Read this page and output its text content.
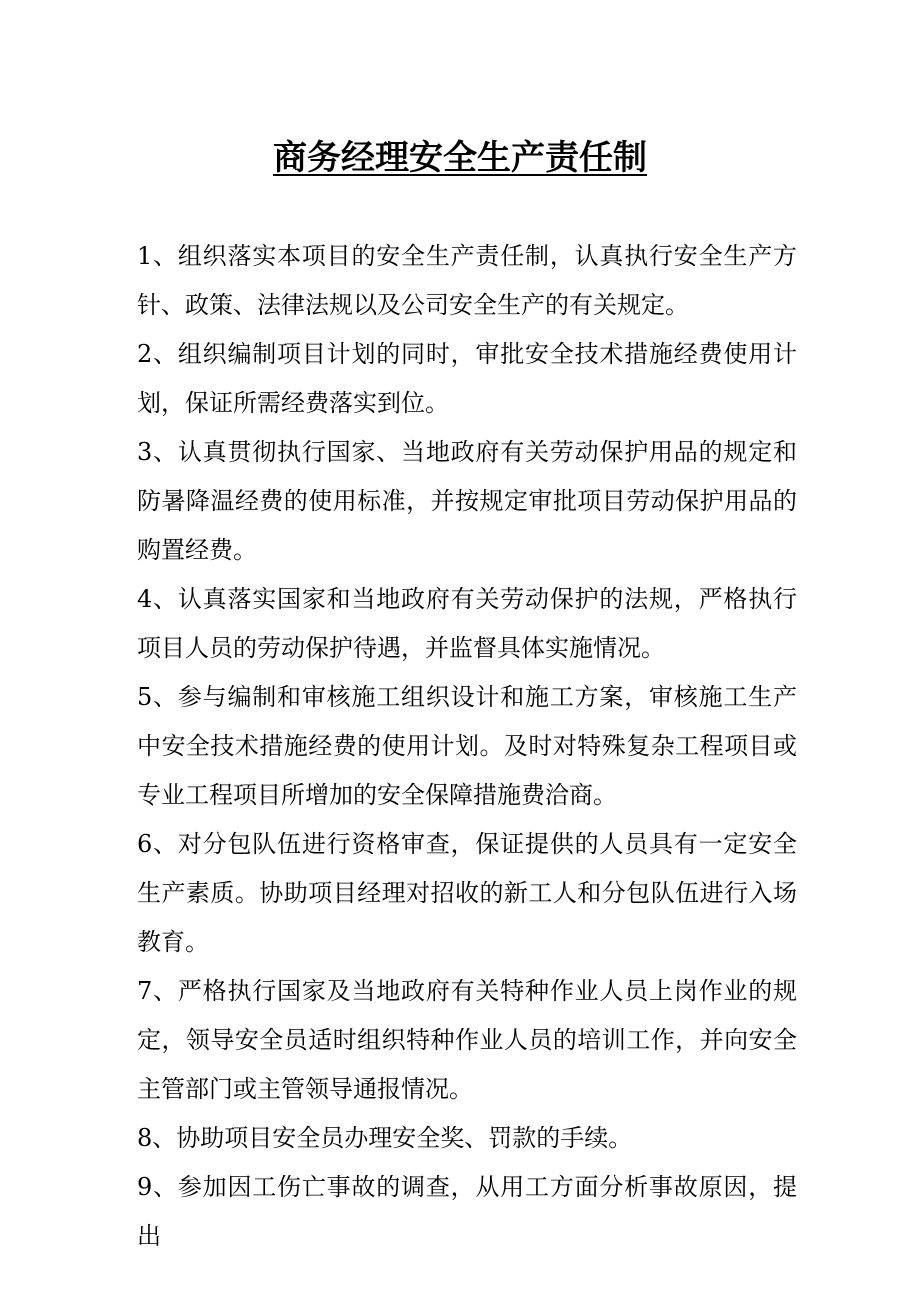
商务经理安全生产责任制

1、组织落实本项目的安全生产责任制，认真执行安全生产方针、政策、法律法规以及公司安全生产的有关规定。

2、组织编制项目计划的同时，审批安全技术措施经费使用计划，保证所需经费落实到位。

3、认真贯彻执行国家、当地政府有关劳动保护用品的规定和防暑降温经费的使用标准，并按规定审批项目劳动保护用品的购置经费。

4、认真落实国家和当地政府有关劳动保护的法规，严格执行项目人员的劳动保护待遇，并监督具体实施情况。

5、参与编制和审核施工组织设计和施工方案，审核施工生产中安全技术措施经费的使用计划。及时对特殊复杂工程项目或专业工程项目所增加的安全保障措施费洽商。

6、对分包队伍进行资格审查，保证提供的人员具有一定安全生产素质。协助项目经理对招收的新工人和分包队伍进行入场教育。

7、严格执行国家及当地政府有关特种作业人员上岗作业的规定，领导安全员适时组织特种作业人员的培训工作，并向安全主管部门或主管领导通报情况。

8、协助项目安全员办理安全奖、罚款的手续。

9、参加因工伤亡事故的调查，从用工方面分析事故原因，提出
